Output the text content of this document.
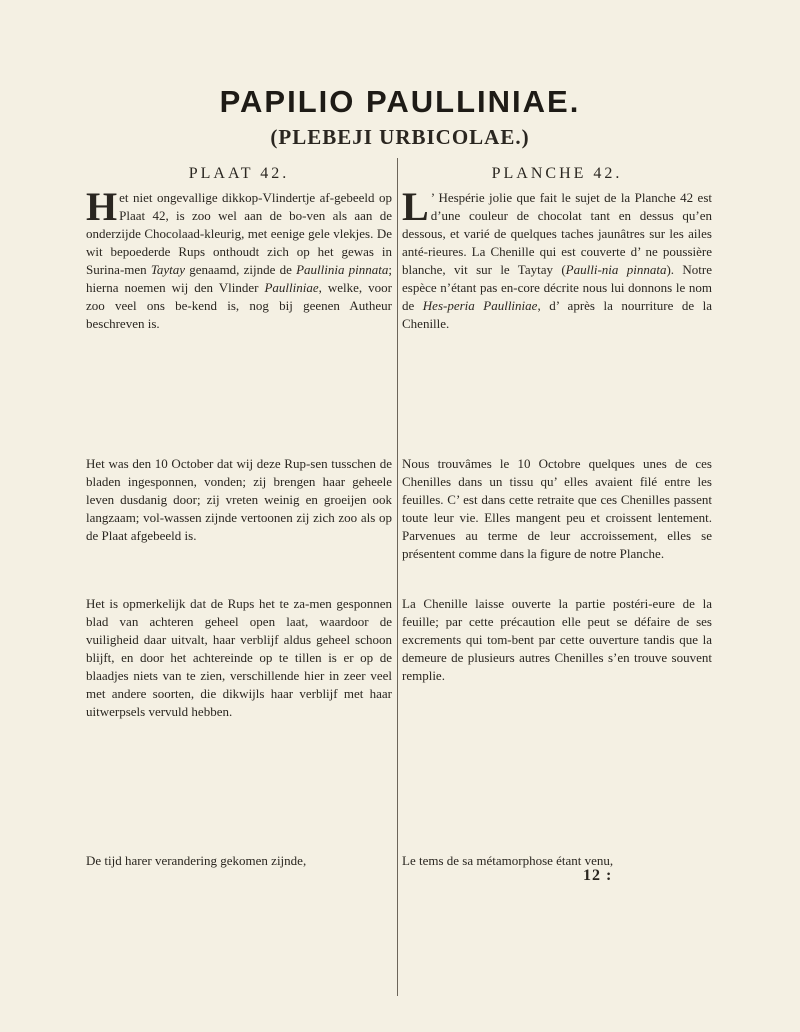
PAPILIO PAULLINIAE.
(PLEBEJI URBICOLAE.)
PLAAT 42.

Het niet ongevallige dikkop-Vlindertje af-gebeeld op Plaat 42, is zoo wel aan de bo-ven als aan de onderzijde Chocolaad-kleurig, met eenige gele vlekjes. De wit bepoederde Rups onthoudt zich op het gewas in Surina-men Taytay genaamd, zijnde de Paullinia pinnata; hierna noemen wij den Vlinder Paulliniae, welke, voor zoo veel ons be-kend is, nog bij geenen Autheur beschreven is.

Het was den 10 October dat wij deze Rup-sen tusschen de bladen ingesponnen, vonden; zij brengen haar geheele leven dusdanig door; zij vreten weinig en groeijen ook langzaam; vol-wassen zijnde vertoonen zij zich zoo als op de Plaat afgebeeld is.

Het is opmerkelijk dat de Rups het te za-men gesponnen blad van achteren geheel open laat, waardoor de vuiligheid daar uitvalt, haar verblijf aldus geheel schoon blijft, en door het achtereinde op te tillen is er op de blaadjes niets van te zien, verschillende hier in zeer veel met andere soorten, die dikwijls haar verblijf met haar uitwerpsels vervuld hebben.

De tijd harer verandering gekomen zijnde,

PLANCHE 42.

L ’ Hespérie jolie que fait le sujet de la Planche 42 est d’une couleur de chocolat tant en dessus qu’en dessous, et varié de quelques taches jaunâtres sur les ailes anté-rieures. La Chenille qui est couverte d’ ne poussière blanche, vit sur le Taytay (Paulli-nia pinnata). Notre espèce n’étant pas en-core décrite nous lui donnons le nom de Hes-peria Paulliniae, d’ après la nourriture de la Chenille.

Nous trouvâmes le 10 Octobre quelques unes de ces Chenilles dans un tissu qu’ elles avaient filé entre les feuilles. C’ est dans cette retraite que ces Chenilles passent toute leur vie. Elles mangent peu et croissent lentement. Parvenues au terme de leur accroissement, elles se présentent comme dans la figure de notre Planche.

La Chenille laisse ouverte la partie postéri-eure de la feuille; par cette précaution elle peut se défaire de ses excrements qui tom-bent par cette ouverture tandis que la demeure de plusieurs autres Chenilles s’en trouve souvent remplie.

Le tems de sa métamorphose étant venu,

12 :
